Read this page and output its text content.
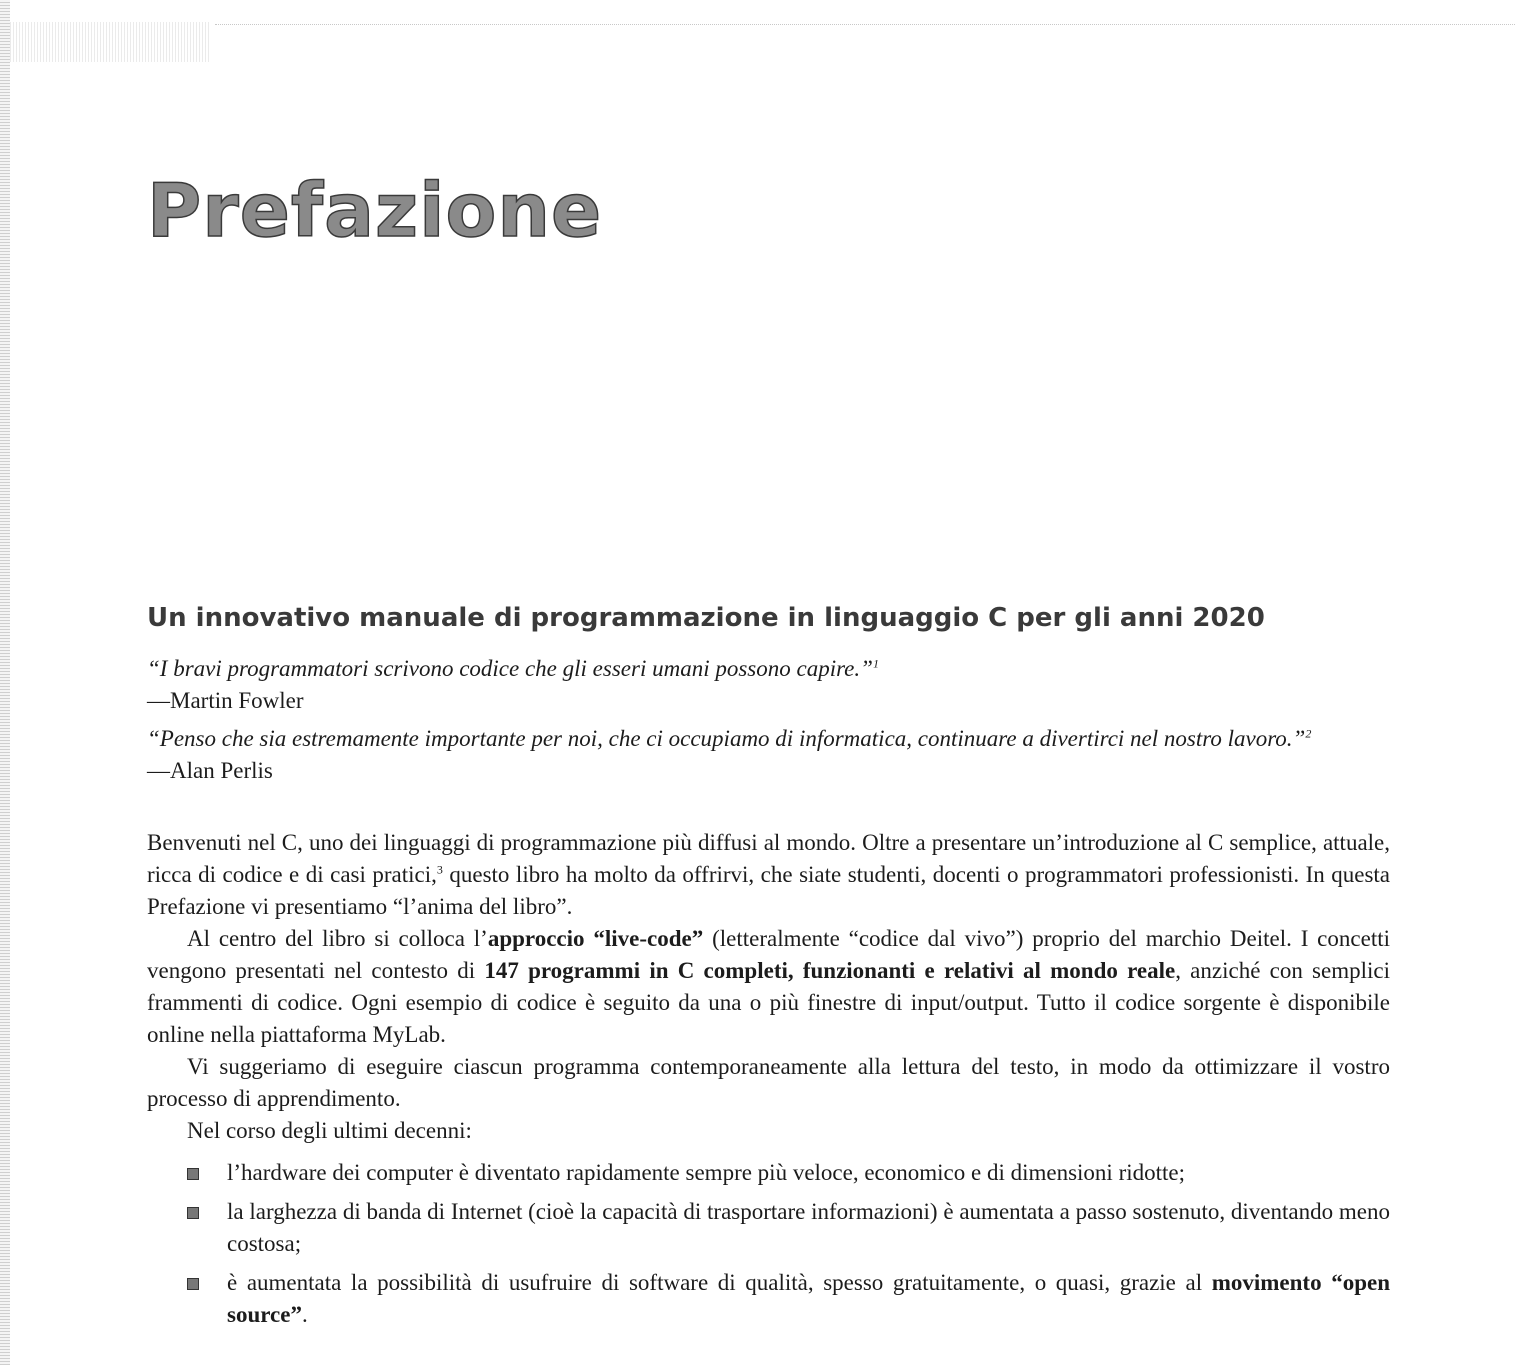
Prefazione
Un innovativo manuale di programmazione in linguaggio C per gli anni 2020

“I bravi programmatori scrivono codice che gli esseri umani possono capire.”$^1$

—Martin Fowler

“Penso che sia estremamente importante per noi, che ci occupiamo di informatica, continuare a divertirci nel nostro lavoro.”$^2$

—Alan Perlis

Benvenuti nel C, uno dei linguaggi di programmazione più diffusi al mondo. Oltre a presentare un’introduzione al C semplice, attuale, ricca di codice e di casi pratici,$^3$ questo libro ha molto da offrirvi, che siate studenti, docenti o programmatori professionisti. In questa Prefazione vi presentiamo “l’anima del libro”.

Al centro del libro si colloca l’approccio “live-code” (letteralmente “codice dal vivo”) proprio del marchio Deitel. I concetti vengono presentati nel contesto di 147 programmi in C completi, funzionanti e relativi al mondo reale, anziché con semplici frammenti di codice. Ogni esempio di codice è seguito da una o più finestre di input/output. Tutto il codice sorgente è disponibile online nella piattaforma MyLab.

Vi suggeriamo di eseguire ciascun programma contemporaneamente alla lettura del testo, in modo da ottimizzare il vostro processo di apprendimento.

Nel corso degli ultimi decenni:

l’hardware dei computer è diventato rapidamente sempre più veloce, economico e di dimensioni ridotte;
la larghezza di banda di Internet (cioè la capacità di trasportare informazioni) è aumentata a passo sostenuto, diventando meno costosa;
è aumentata la possibilità di usufruire di software di qualità, spesso gratuitamente, o quasi, grazie al movimento “open source”.
